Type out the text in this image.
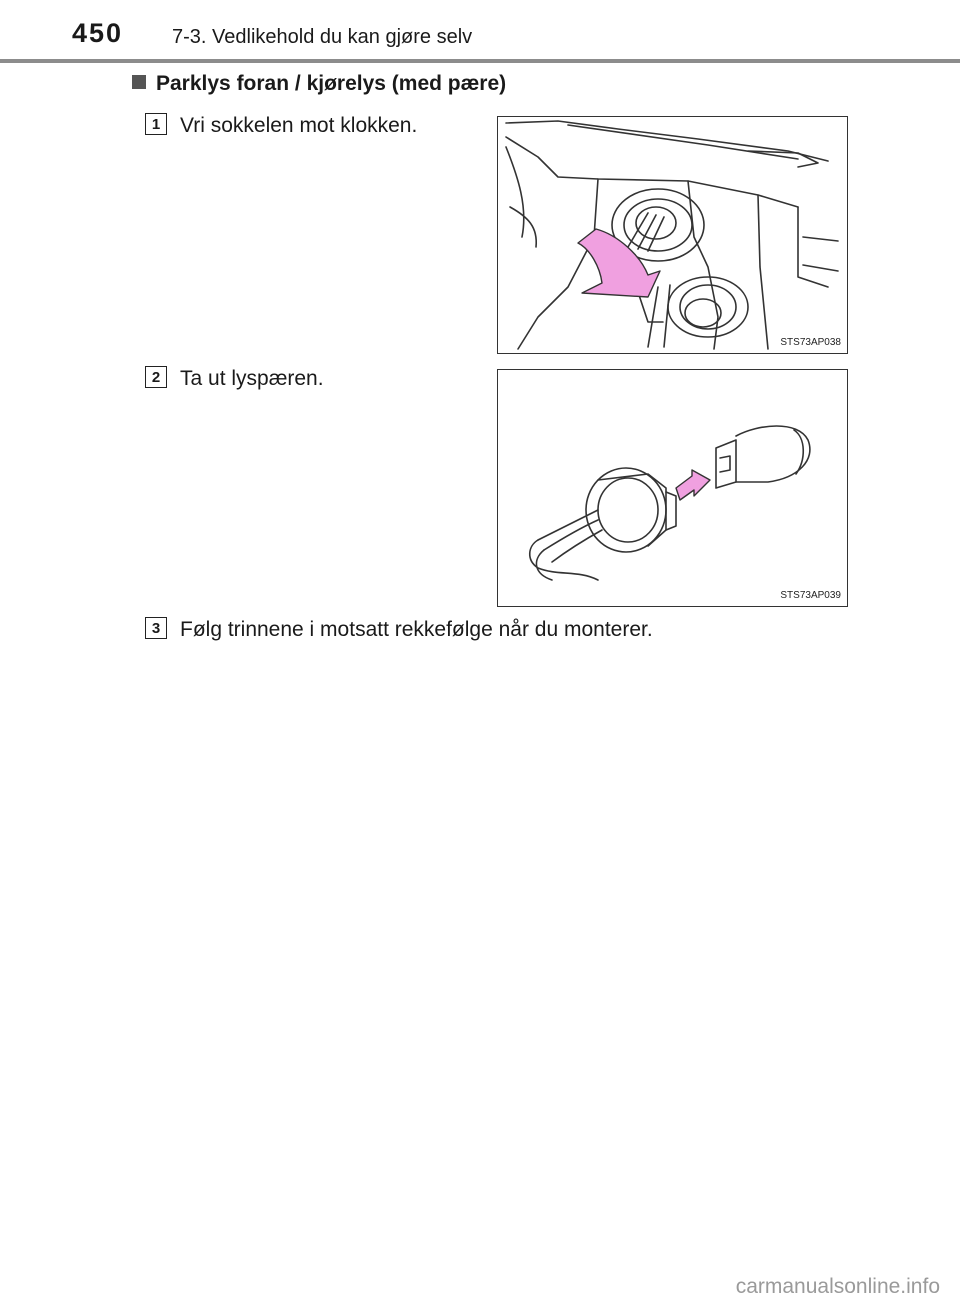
450 7-3. Vedlikehold du kan gjøre selv
Parklys foran / kjørelys (med pære)
1 Vri sokkelen mot klokken.
STS73AP038
2 Ta ut lyspæren.
STS73AP039
3 Følg trinnene i motsatt rekkefølge når du monterer.
carmanualsonline.info
